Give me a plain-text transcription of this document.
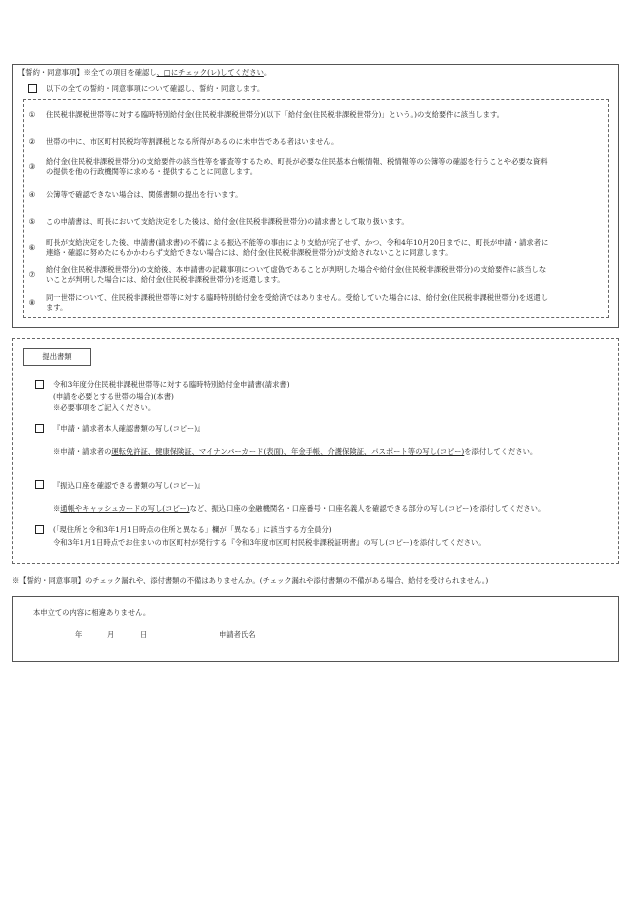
【誓約・同意事項】※全ての項目を確認し、□にチェック(レ)してください。
以下の全ての誓約・同意事項について確認し、誓約・同意します。
① 住民税非課税世帯等に対する臨時特別給付金(住民税非課税世帯分)(以下「給付金(住民税非課税世帯分)」という。)の支給要件に該当します。
② 世帯の中に、市区町村民税均等割課税となる所得があるのに未申告である者はいません。
③
給付金(住民税非課税世帯分)の支給要件の該当性等を審査等するため、町長が必要な住民基本台帳情報、税情報等の公簿等の確認を行うことや必要な資料
の提供を他の行政機関等に求める・提供することに同意します。
④ 公簿等で確認できない場合は、関係書類の提出を行います。
⑤ この申請書は、町長において支給決定をした後は、給付金(住民税非課税世帯分)の請求書として取り扱います。
⑥
町長が支給決定をした後、申請書(請求書)の不備による振込不能等の事由により支給が完了せず、かつ、令和4年10月20日までに、町長が申請・請求者に
連絡・確認に努めたにもかかわらず支給できない場合には、給付金(住民税非課税世帯分)が支給されないことに同意します。
⑦
給付金(住民税非課税世帯分)の支給後、本申請書の記載事項について虚偽であることが判明した場合や給付金(住民税非課税世帯分)の支給要件に該当しな
いことが判明した場合には、給付金(住民税非課税世帯分)を返還します。
⑧
同一世帯について、住民税非課税世帯等に対する臨時特別給付金を受給済ではありません。受給していた場合には、給付金(住民税非課税世帯分)を返還し
ます。
提出書類
令和3年度分住民税非課税世帯等に対する臨時特別給付金申請書(請求書)
(申請を必要とする世帯の場合)(本書)
※必要事項をご記入ください。
『申請・請求者本人確認書類の写し(コピー)』
※申請・請求者の運転免許証、健康保険証、マイナンバーカード(表面)、年金手帳、介護保険証、パスポート等の写し(コピー)を添付してください。
『振込口座を確認できる書類の写し(コピー)』
※通帳やキャッシュカードの写し(コピー)など、振込口座の金融機関名・口座番号・口座名義人を確認できる部分の写し(コピー)を添付してください。
(「現住所と令和3年1月1日時点の住所と異なる」欄が「異なる」に該当する方全員分)
令和3年1月1日時点でお住まいの市区町村が発行する『令和3年度市区町村民税非課税証明書』の写し(コピー)を添付してください。
※【誓約・同意事項】のチェック漏れや、添付書類の不備はありませんか。(チェック漏れや添付書類の不備がある場合、給付を受けられません。)
本申立ての内容に相違ありません。
年	月	日	申請者氏名
